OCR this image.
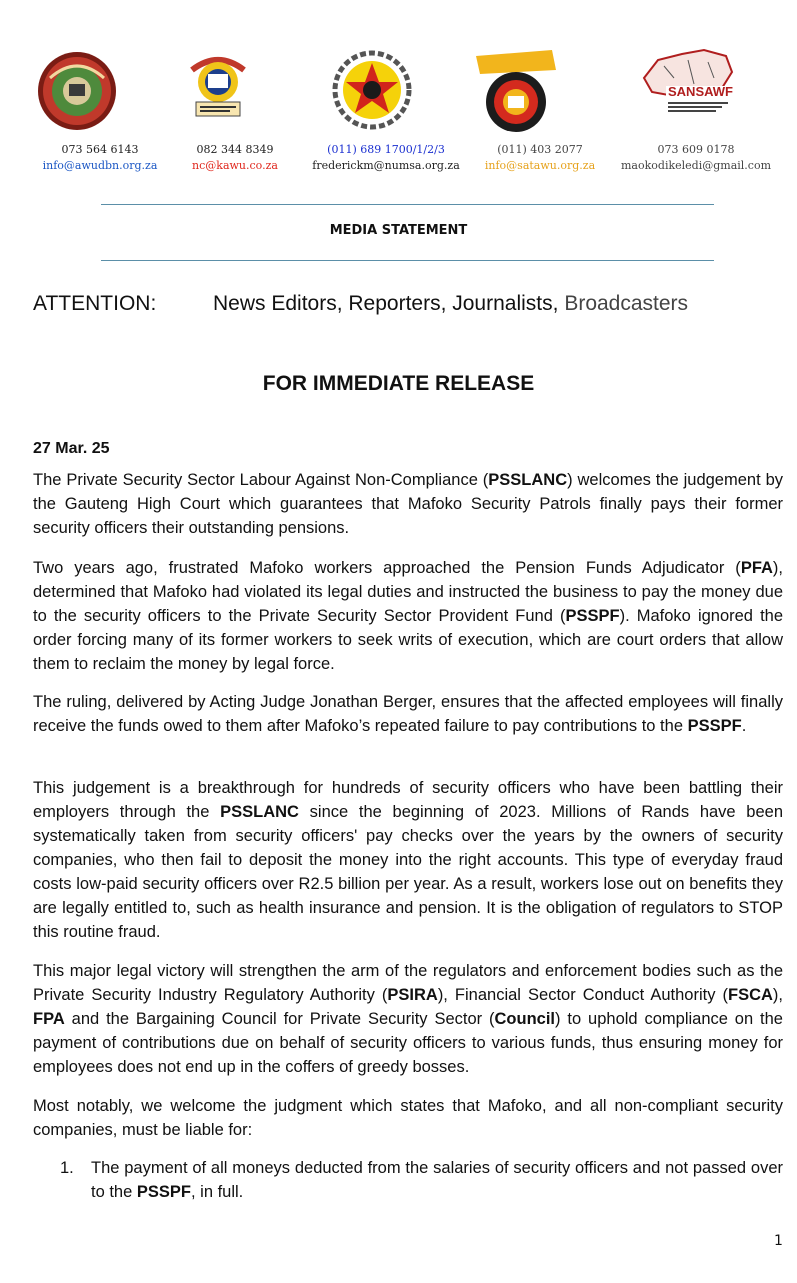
SANSAWF
073 564 6143
info@awudbn.org.za
082 344 8349
nc@kawu.co.za
(011) 689 1700/1/2/3
frederickm@numsa.org.za
(011) 403 2077
info@satawu.org.za
073 609 0178
maokodikeledi@gmail.com
MEDIA STATEMENT
ATTENTION:	News Editors, Reporters, Journalists, Broadcasters
FOR IMMEDIATE RELEASE
27 Mar. 25

The Private Security Sector Labour Against Non-Compliance (PSSLANC) welcomes the judgement by the Gauteng High Court which guarantees that Mafoko Security Patrols finally pays their former security officers their outstanding pensions.

Two years ago, frustrated Mafoko workers approached the Pension Funds Adjudicator (PFA), determined that Mafoko had violated its legal duties and instructed the business to pay the money due to the security officers to the Private Security Sector Provident Fund (PSSPF). Mafoko ignored the order forcing many of its former workers to seek writs of execution, which are court orders that allow them to reclaim the money by legal force.

The ruling, delivered by Acting Judge Jonathan Berger, ensures that the affected employees will finally receive the funds owed to them after Mafoko’s repeated failure to pay contributions to the PSSPF.

This judgement is a breakthrough for hundreds of security officers who have been battling their employers through the PSSLANC since the beginning of 2023. Millions of Rands have been systematically taken from security officers' pay checks over the years by the owners of security companies, who then fail to deposit the money into the right accounts. This type of everyday fraud costs low-paid security officers over R2.5 billion per year. As a result, workers lose out on benefits they are legally entitled to, such as health insurance and pension. It is the obligation of regulators to STOP this routine fraud.

This major legal victory will strengthen the arm of the regulators and enforcement bodies such as the Private Security Industry Regulatory Authority (PSIRA), Financial Sector Conduct Authority (FSCA), FPA and the Bargaining Council for Private Security Sector (Council) to uphold compliance on the payment of contributions due on behalf of security officers to various funds, thus ensuring money for employees does not end up in the coffers of greedy bosses.

Most notably, we welcome the judgment which states that Mafoko, and all non-compliant security companies, must be liable for:

1. The payment of all moneys deducted from the salaries of security officers and not passed over to the PSSPF, in full.
1
